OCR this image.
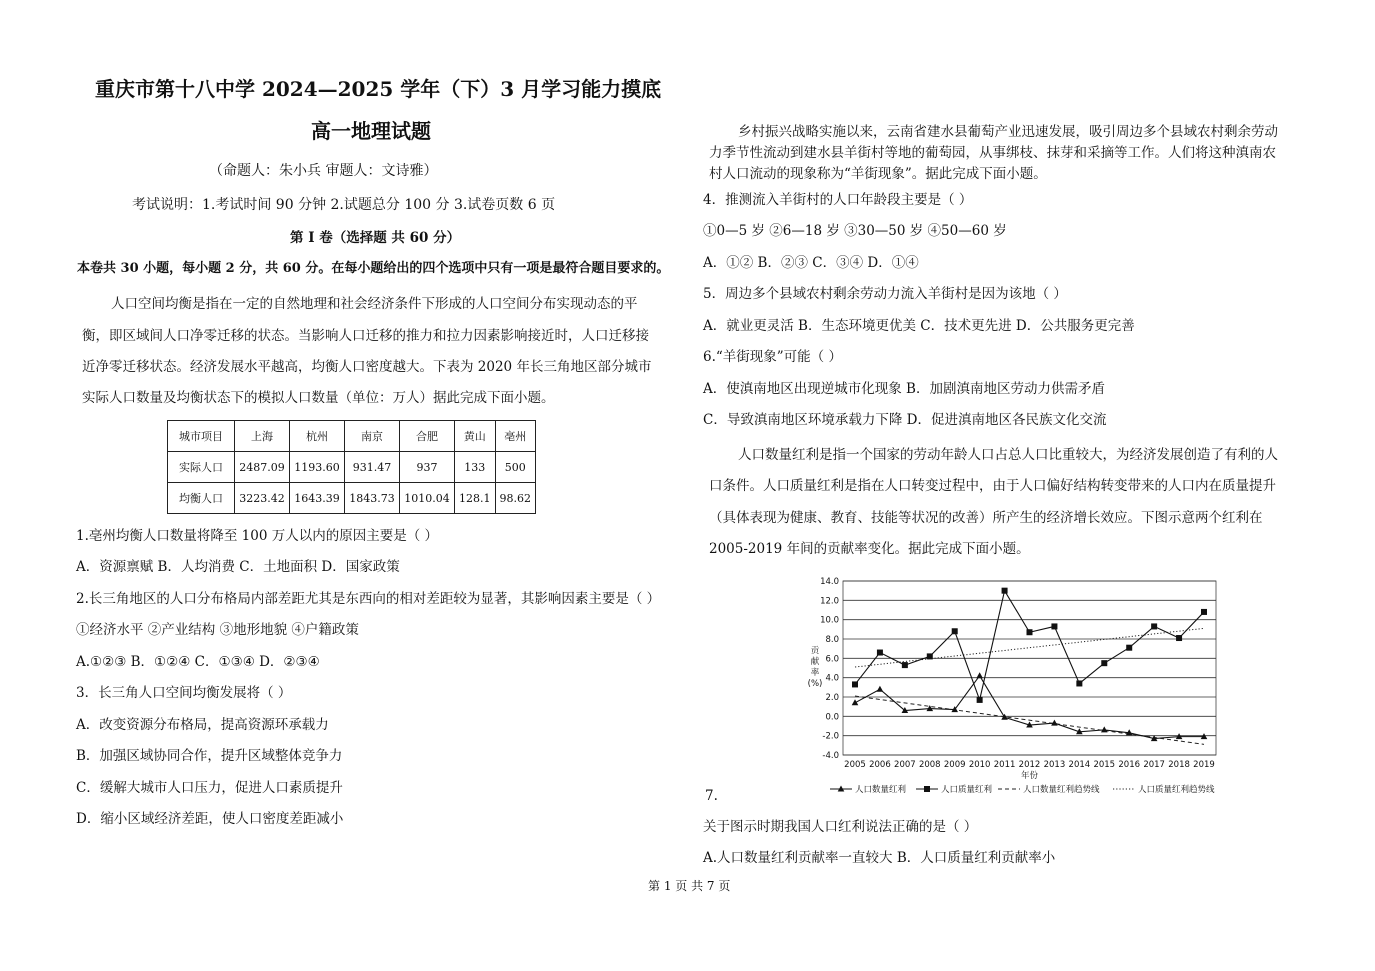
重庆市第十八中学 2024—2025 学年（下）3 月学习能力摸底
高一地理试题
（命题人：朱小兵 审题人：文诗雅）
考试说明：1.考试时间 90 分钟 2.试题总分 100 分 3.试卷页数 6 页
第 I 卷（选择题 共 60 分）
本卷共 30 小题，每小题 2 分，共 60 分。在每小题给出的四个选项中只有一项是最符合题目要求的。
人口空间均衡是指在一定的自然地理和社会经济条件下形成的人口空间分布实现动态的平
衡，即区域间人口净零迁移的状态。当影响人口迁移的推力和拉力因素影响接近时，人口迁移接
近净零迁移状态。经济发展水平越高，均衡人口密度越大。下表为 2020 年长三角地区部分城市
实际人口数量及均衡状态下的模拟人口数量（单位：万人）据此完成下面小题。
城市项目	上海	杭州	南京	合肥	黄山	亳州
实际人口	2487.09	1193.60	931.47	937	133	500
均衡人口	3223.42	1643.39	1843.73	1010.04	128.1	98.62
1.亳州均衡人口数量将降至 100 万人以内的原因主要是（ ）
A．资源禀赋 B．人均消费 C．土地面积 D．国家政策
2.长三角地区的人口分布格局内部差距尤其是东西向的相对差距较为显著，其影响因素主要是（ ）
①经济水平 ②产业结构 ③地形地貌 ④户籍政策
A.①②③ B．①②④ C．①③④ D．②③④
3．长三角人口空间均衡发展将（ ）
A．改变资源分布格局，提高资源环承载力
B．加强区域协同合作，提升区域整体竞争力
C．缓解大城市人口压力，促进人口素质提升
D．缩小区域经济差距，使人口密度差距减小
乡村振兴战略实施以来，云南省建水县葡萄产业迅速发展，吸引周边多个县域农村剩余劳动
力季节性流动到建水县羊街村等地的葡萄园，从事绑枝、抹芽和采摘等工作。人们将这种滇南农
村人口流动的现象称为“羊街现象”。据此完成下面小题。
4．推测流入羊街村的人口年龄段主要是（ ）
①0—5 岁 ②6—18 岁 ③30—50 岁 ④50—60 岁
A．①② B．②③ C．③④ D．①④
5．周边多个县域农村剩余劳动力流入羊街村是因为该地（ ）
A．就业更灵活 B．生态环境更优美 C．技术更先进 D．公共服务更完善
6.“羊街现象”可能（ ）
A．使滇南地区出现逆城市化现象 B．加剧滇南地区劳动力供需矛盾
C．导致滇南地区环境承载力下降 D．促进滇南地区各民族文化交流
人口数量红利是指一个国家的劳动年龄人口占总人口比重较大，为经济发展创造了有利的人
口条件。人口质量红利是指在人口转变过程中，由于人口偏好结构转变带来的人口内在质量提升
（具体表现为健康、教育、技能等状况的改善）所产生的经济增长效应。下图示意两个红利在
2005-2019 年间的贡献率变化。据此完成下面小题。
14.0
12.0
10.0
8.0
6.0
4.0
2.0
0.0
-2.0
-4.0
2005 2006 2007 2008 2009 2010 2011 2012 2013 2014 2015 2016 2017 2018 2019
年份
贡
献
率
(%)
人口数量红利	人口质量红利	人口数量红利趋势线	人口质量红利趋势线
7.
关于图示时期我国人口红利说法正确的是（ ）
A.人口数量红利贡献率一直较大 B．人口质量红利贡献率小
第 1 页 共 7 页
